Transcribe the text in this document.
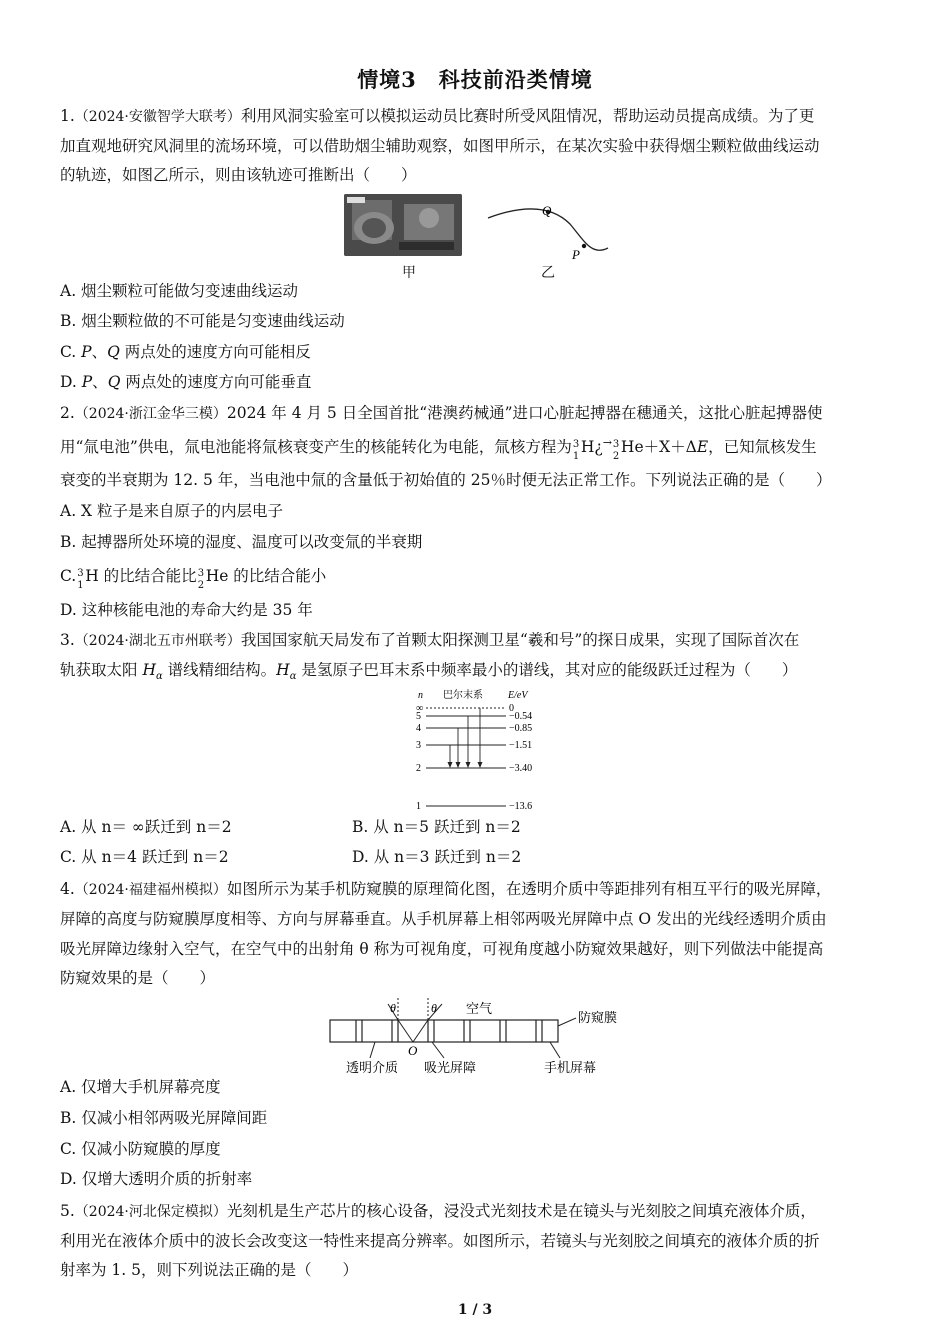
情境3　科技前沿类情境
1.（2024·安徽智学大联考）利用风洞实验室可以模拟运动员比赛时所受风阻情况，帮助运动员提高成绩。为了更
加直观地研究风洞里的流场环境，可以借助烟尘辅助观察，如图甲所示，在某次实验中获得烟尘颗粒做曲线运动
的轨迹，如图乙所示，则由该轨迹可推断出（　　）
甲
Q
P
乙
A. 烟尘颗粒可能做匀变速曲线运动
B. 烟尘颗粒做的不可能是匀变速曲线运动
C. P、Q 两点处的速度方向可能相反
D. P、Q 两点处的速度方向可能垂直
2.（2024·浙江金华三模）2024 年 4 月 5 日全国首批“港澳药械通”进口心脏起搏器在穗通关，这批心脏起搏器使
用“氚电池”供电，氚电池能将氚核衰变产生的核能转化为电能，氚核方程为 3
1
H¿→ 3
2
He＋X＋ΔE，已知氚核发生
衰变的半衰期为 12. 5 年，当电池中氚的含量低于初始值的 25％时便无法正常工作。下列说法正确的是（　　）
A. X 粒子是来自原子的内层电子
B. 起搏器所处环境的湿度、温度可以改变氚的半衰期
C. 3
1
H 的比结合能比 3
2
He 的比结合能小
D. 这种核能电池的寿命大约是 35 年
3.（2024·湖北五市州联考）我国国家航天局发布了首颗太阳探测卫星“羲和号”的探日成果，实现了国际首次在
轨获取太阳 $H_\alpha$ 谱线精细结构。$H_\alpha$ 是氢原子巴耳末系中频率最小的谱线，其对应的能级跃迁过程为（　　）
n 巴尔末系	E/eV
∞	0
5	−0.54
4	−0.85
3	−1.51
2	−3.40
1	−13.6
A. 从 n＝ ∞跃迁到 n＝2	B. 从 n＝5 跃迁到 n＝2
C. 从 n＝4 跃迁到 n＝2	D. 从 n＝3 跃迁到 n＝2
4.（2024·福建福州模拟）如图所示为某手机防窥膜的原理简化图，在透明介质中等距排列有相互平行的吸光屏障，
屏障的高度与防窥膜厚度相等、方向与屏幕垂直。从手机屏幕上相邻两吸光屏障中点 O 发出的光线经透明介质由
吸光屏障边缘射入空气，在空气中的出射角 θ 称为可视角度，可视角度越小防窥效果越好，则下列做法中能提高
防窥效果的是（　　）
θ	θ
O
空气
防窥膜
透明介质 吸光屏障	手机屏幕
A. 仅增大手机屏幕亮度
B. 仅减小相邻两吸光屏障间距
C. 仅减小防窥膜的厚度
D. 仅增大透明介质的折射率
5.（2024·河北保定模拟）光刻机是生产芯片的核心设备，浸没式光刻技术是在镜头与光刻胶之间填充液体介质，
利用光在液体介质中的波长会改变这一特性来提高分辨率。如图所示，若镜头与光刻胶之间填充的液体介质的折
射率为 1. 5，则下列说法正确的是（　　）
1 / 3
